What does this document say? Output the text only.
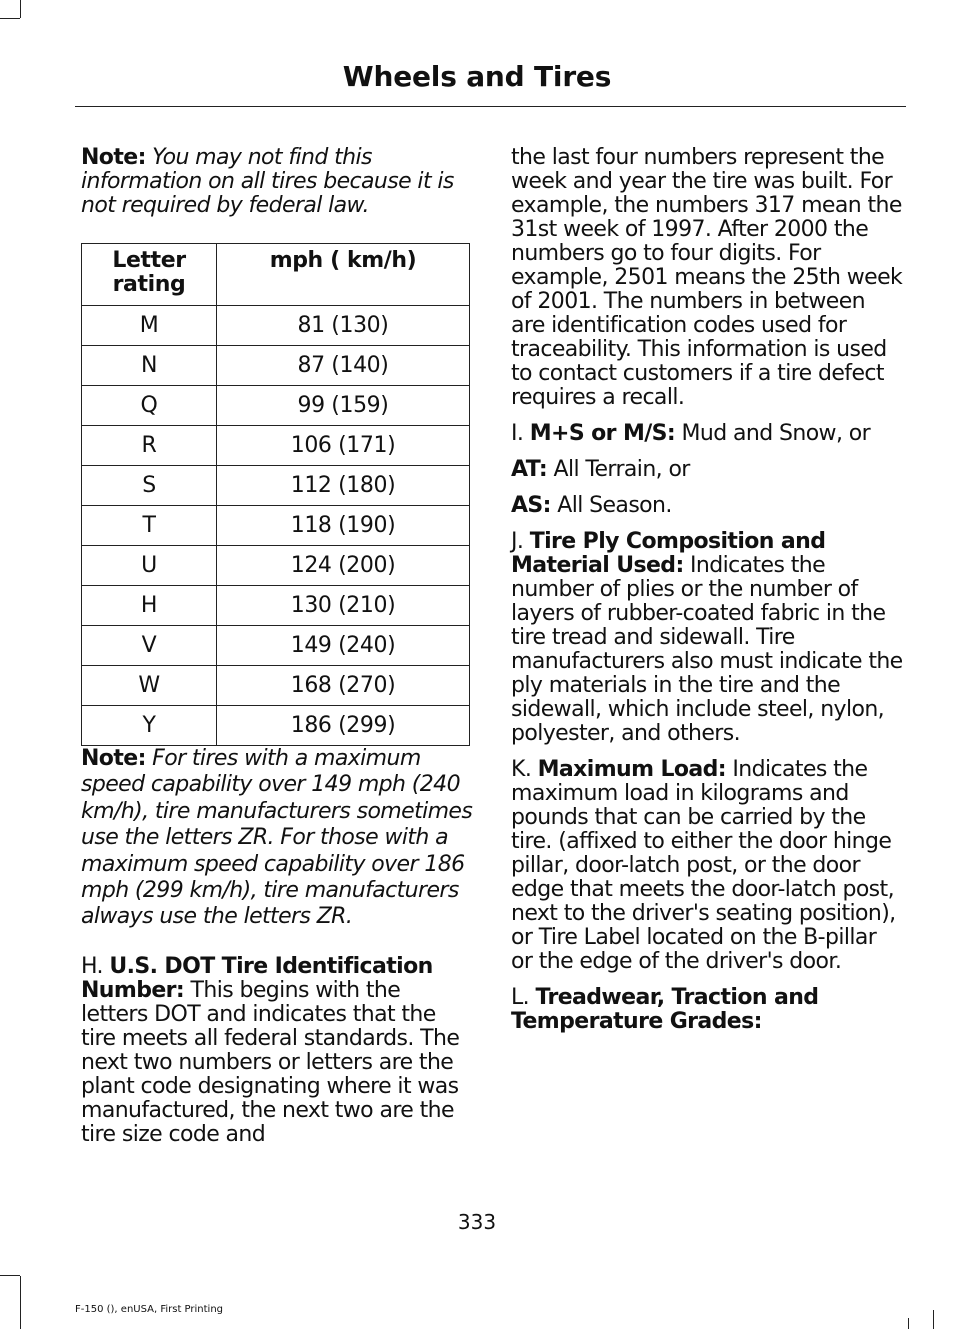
Wheels and Tires

Note: You may not find this information on all tires because it is not required by federal law.

Letter rating	mph ( km/h)
M	81 (130)
N	87 (140)
Q	99 (159)
R	106 (171)
S	112 (180)
T	118 (190)
U	124 (200)
H	130 (210)
V	149 (240)
W	168 (270)
Y	186 (299)

Note: For tires with a maximum speed capability over 149 mph (240 km/h), tire manufacturers sometimes use the letters ZR. For those with a maximum speed capability over 186 mph (299 km/h), tire manufacturers always use the letters ZR.

H. U.S. DOT Tire Identification Number: This begins with the letters DOT and indicates that the tire meets all federal standards. The next two numbers or letters are the plant code designating where it was manufactured, the next two are the tire size code and

the last four numbers represent the week and year the tire was built. For example, the numbers 317 mean the 31st week of 1997. After 2000 the numbers go to four digits. For example, 2501 means the 25th week of 2001. The numbers in between are identification codes used for traceability. This information is used to contact customers if a tire defect requires a recall.

I. M+S or M/S: Mud and Snow, or

AT: All Terrain, or

AS: All Season.

J. Tire Ply Composition and Material Used: Indicates the number of plies or the number of layers of rubber-coated fabric in the tire tread and sidewall. Tire manufacturers also must indicate the ply materials in the tire and the sidewall, which include steel, nylon, polyester, and others.

K. Maximum Load: Indicates the maximum load in kilograms and pounds that can be carried by the tire. (affixed to either the door hinge pillar, door-latch post, or the door edge that meets the door-latch post, next to the driver's seating position), or Tire Label located on the B-pillar or the edge of the driver's door.

L. Treadwear, Traction and Temperature Grades:

333
F-150 (), enUSA, First Printing
